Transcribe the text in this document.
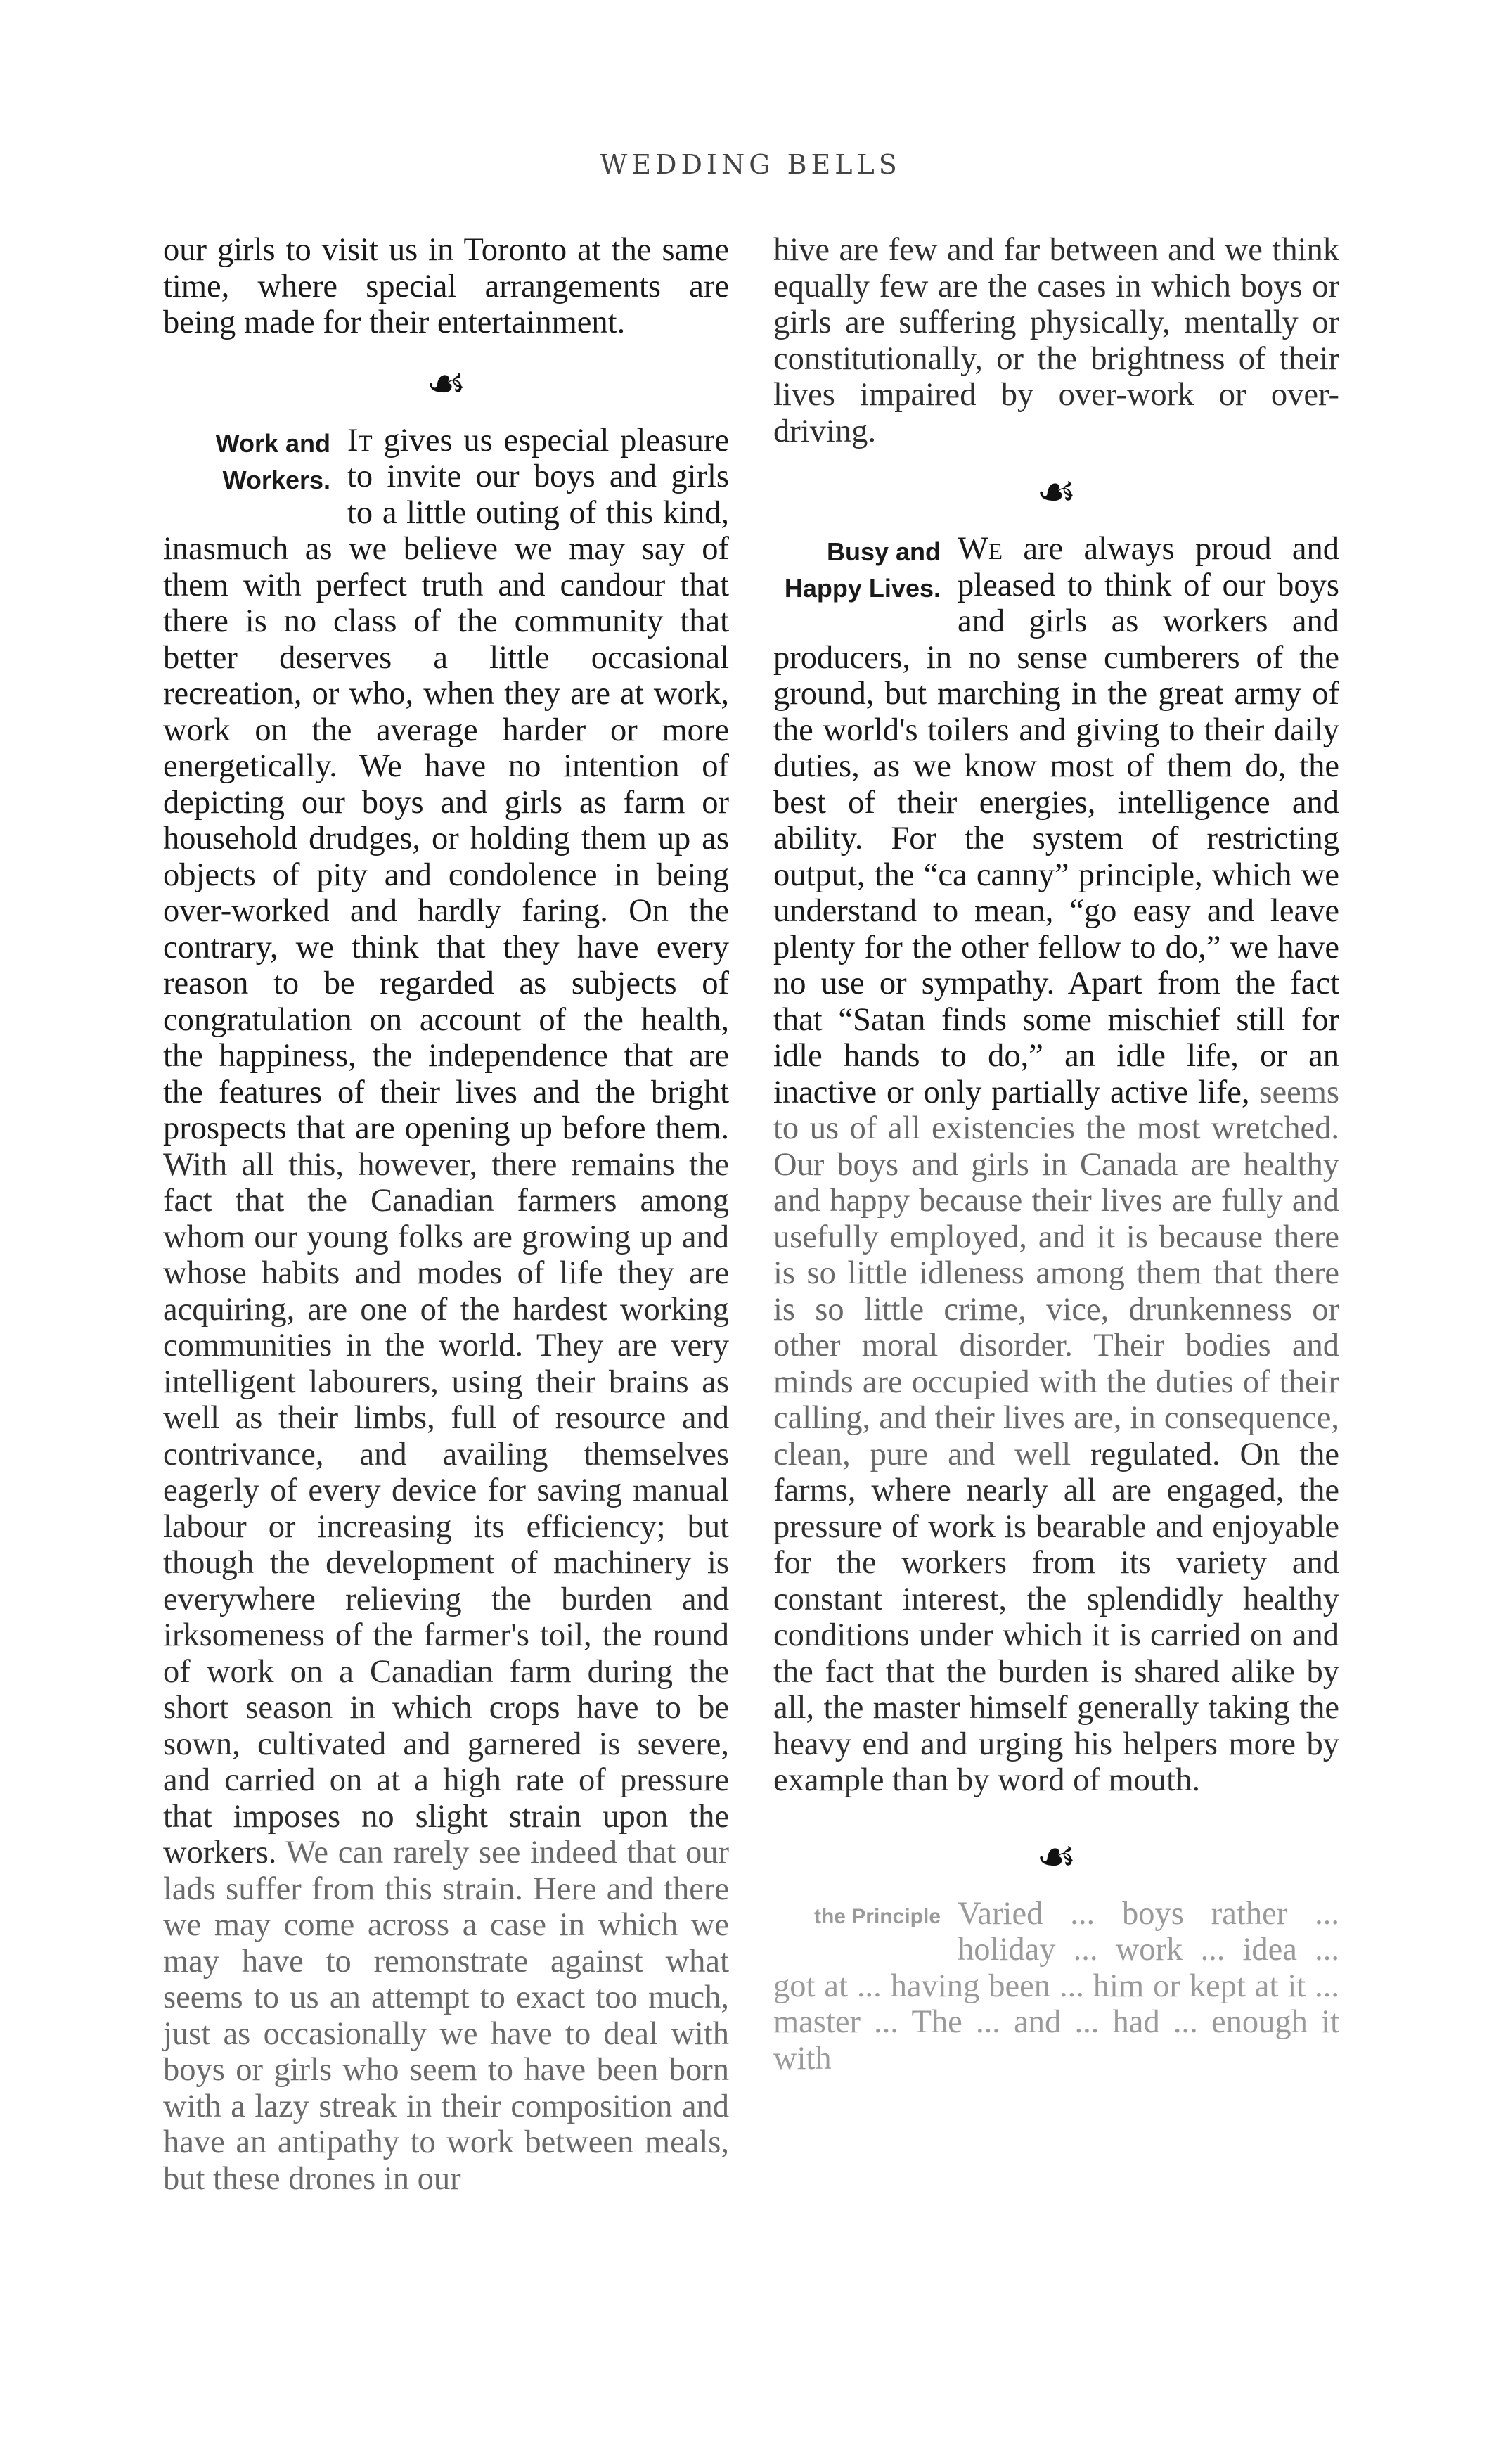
WEDDING BELLS

our girls to visit us in Toronto at the same time, where special arrangements are being made for their entertainment.

☙
Work and
Workers.

It gives us especial pleasure to invite our boys and girls to a little outing of this kind, inasmuch as we believe we may say of them with perfect truth and candour that there is no class of the community that better deserves a little occasional recreation, or who, when they are at work, work on the average harder or more energetically. We have no intention of depicting our boys and girls as farm or household drudges, or holding them up as objects of pity and condolence in being over-worked and hardly faring. On the contrary, we think that they have every reason to be regarded as subjects of congratulation on account of the health, the happiness, the independence that are the features of their lives and the bright prospects that are opening up before them. With all this, however, there remains the fact that the Canadian farmers among whom our young folks are growing up and whose habits and modes of life they are acquiring, are one of the hardest working communities in the world. They are very intelligent labourers, using their brains as well as their limbs, full of resource and contrivance, and availing themselves eagerly of every device for saving manual labour or increasing its efficiency; but though the development of machinery is everywhere relieving the burden and irksomeness of the farmer's toil, the round of work on a Canadian farm during the short season in which crops have to be sown, cultivated and garnered is severe, and carried on at a high rate of pressure that imposes no slight strain upon the workers. We can rarely see indeed that our lads suffer from this strain. Here and there we may come across a case in which we may have to remonstrate against what seems to us an attempt to exact too much, just as occasionally we have to deal with boys or girls who seem to have been born with a lazy streak in their composition and have an antipathy to work between meals, but these drones in our

hive are few and far between and we think equally few are the cases in which boys or girls are suffering physically, mentally or constitutionally, or the brightness of their lives impaired by over-work or over-driving.

☙
Busy and
Happy Lives.

We are always proud and pleased to think of our boys and girls as workers and producers, in no sense cumberers of the ground, but marching in the great army of the world's toilers and giving to their daily duties, as we know most of them do, the best of their energies, intelligence and ability. For the system of restricting output, the “ca canny” principle, which we understand to mean, “go easy and leave plenty for the other fellow to do,” we have no use or sympathy. Apart from the fact that “Satan finds some mischief still for idle hands to do,” an idle life, or an inactive or only partially active life, seems to us of all existencies the most wretched. Our boys and girls in Canada are healthy and happy because their lives are fully and usefully employed, and it is because there is so little idleness among them that there is so little crime, vice, drunkenness or other moral disorder. Their bodies and minds are occupied with the duties of their calling, and their lives are, in consequence, clean, pure and well regulated. On the farms, where nearly all are engaged, the pressure of work is bearable and enjoyable for the workers from its variety and constant interest, the splendidly healthy conditions under which it is carried on and the fact that the burden is shared alike by all, the master himself generally taking the heavy end and urging his helpers more by example than by word of mouth.

☙
the Principle Varied ... boys rather ... holiday ... work ... idea ... got at ... having been ... him or kept at it ... master ... The ... and ... had ... enough it with
